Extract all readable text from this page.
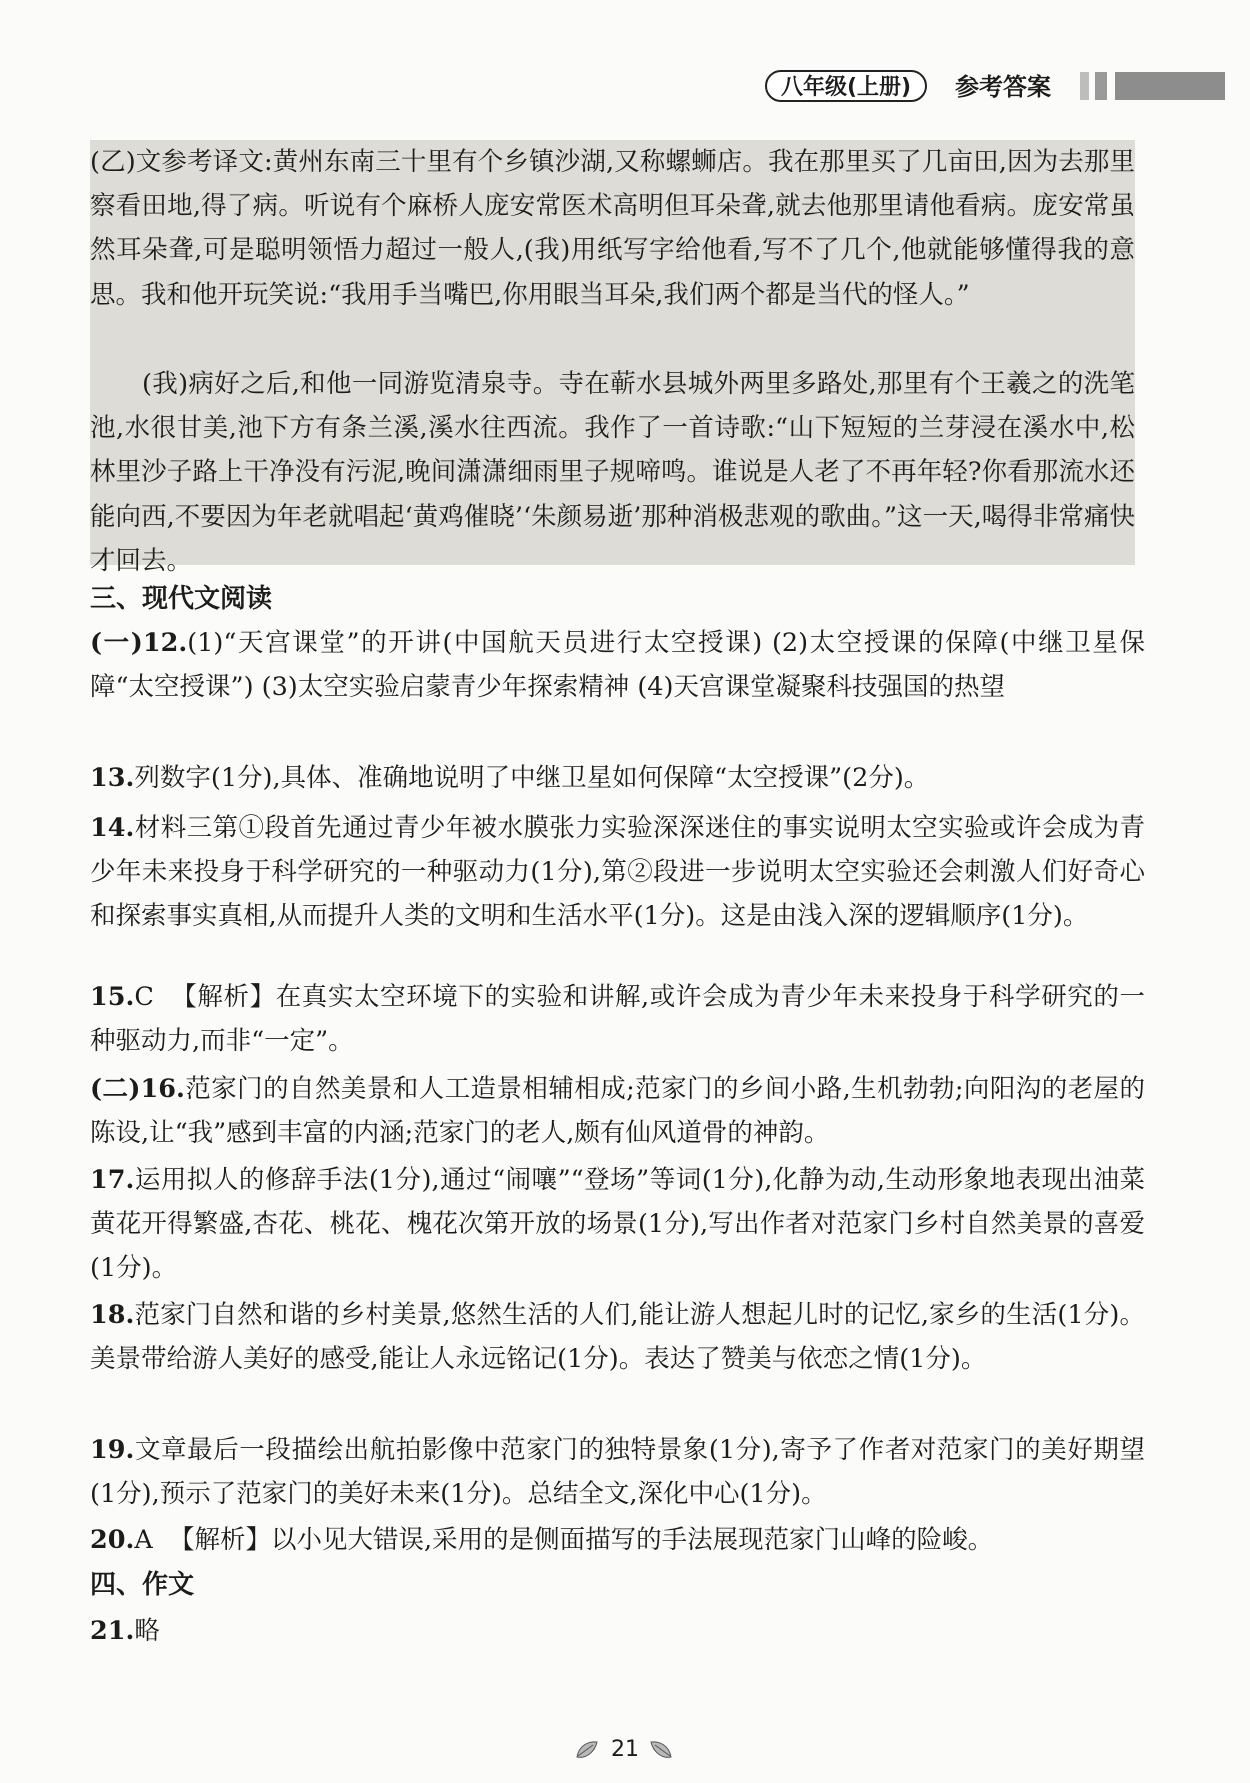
八年级(上册)	参考答案

(乙)文参考译文:黄州东南三十里有个乡镇沙湖,又称螺蛳店。我在那里买了几亩田,因为去那里察看田地,得了病。听说有个麻桥人庞安常医术高明但耳朵聋,就去他那里请他看病。庞安常虽然耳朵聋,可是聪明领悟力超过一般人,(我)用纸写字给他看,写不了几个,他就能够懂得我的意思。我和他开玩笑说:“我用手当嘴巴,你用眼当耳朵,我们两个都是当代的怪人。”

(我)病好之后,和他一同游览清泉寺。寺在蕲水县城外两里多路处,那里有个王羲之的洗笔池,水很甘美,池下方有条兰溪,溪水往西流。我作了一首诗歌:“山下短短的兰芽浸在溪水中,松林里沙子路上干净没有污泥,晚间潇潇细雨里子规啼鸣。谁说是人老了不再年轻?你看那流水还能向西,不要因为年老就唱起‘黄鸡催晓’‘朱颜易逝’那种消极悲观的歌曲。”这一天,喝得非常痛快才回去。

三、现代文阅读
(一)12.(1)“天宫课堂”的开讲(中国航天员进行太空授课) (2)太空授课的保障(中继卫星保障“太空授课”) (3)太空实验启蒙青少年探索精神 (4)天宫课堂凝聚科技强国的热望
13.列数字(1分),具体、准确地说明了中继卫星如何保障“太空授课”(2分)。
14.材料三第①段首先通过青少年被水膜张力实验深深迷住的事实说明太空实验或许会成为青少年未来投身于科学研究的一种驱动力(1分),第②段进一步说明太空实验还会刺激人们好奇心和探索事实真相,从而提升人类的文明和生活水平(1分)。这是由浅入深的逻辑顺序(1分)。
15.C 【解析】在真实太空环境下的实验和讲解,或许会成为青少年未来投身于科学研究的一种驱动力,而非“一定”。
(二)16.范家门的自然美景和人工造景相辅相成;范家门的乡间小路,生机勃勃;向阳沟的老屋的陈设,让“我”感到丰富的内涵;范家门的老人,颇有仙风道骨的神韵。
17.运用拟人的修辞手法(1分),通过“闹嚷”“登场”等词(1分),化静为动,生动形象地表现出油菜黄花开得繁盛,杏花、桃花、槐花次第开放的场景(1分),写出作者对范家门乡村自然美景的喜爱(1分)。
18.范家门自然和谐的乡村美景,悠然生活的人们,能让游人想起儿时的记忆,家乡的生活(1分)。美景带给游人美好的感受,能让人永远铭记(1分)。表达了赞美与依恋之情(1分)。
19.文章最后一段描绘出航拍影像中范家门的独特景象(1分),寄予了作者对范家门的美好期望(1分),预示了范家门的美好未来(1分)。总结全文,深化中心(1分)。
20.A 【解析】以小见大错误,采用的是侧面描写的手法展现范家门山峰的险峻。
四、作文
21.略
21
